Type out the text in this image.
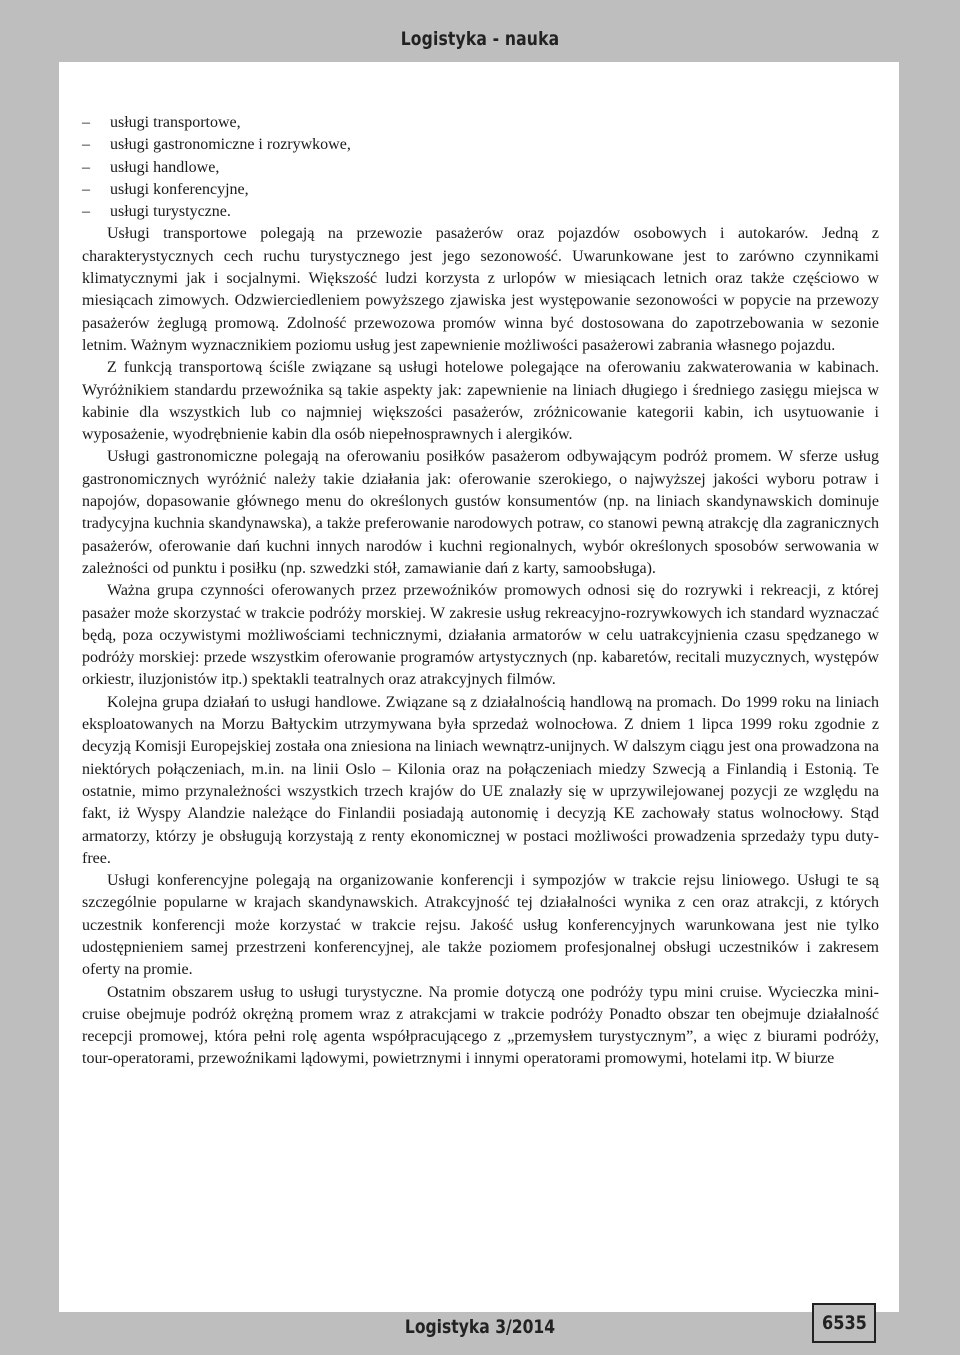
Logistyka - nauka
– usługi transportowe,
– usługi gastronomiczne i rozrywkowe,
– usługi handlowe,
– usługi konferencyjne,
– usługi turystyczne.

Usługi transportowe polegają na przewozie pasażerów oraz pojazdów osobowych i autokarów. Jedną z charakterystycznych cech ruchu turystycznego jest jego sezonowość. Uwarunkowane jest to zarówno czynnikami klimatycznymi jak i socjalnymi. Większość ludzi korzysta z urlopów w miesiącach letnich oraz także częściowo w miesiącach zimowych. Odzwierciedleniem powyższego zjawiska jest występowanie sezonowości w popycie na przewozy pasażerów żeglugą promową. Zdolność przewozowa promów winna być dostosowana do zapotrzebowania w sezonie letnim. Ważnym wyznacznikiem poziomu usług jest zapewnienie możliwości pasażerowi zabrania własnego pojazdu.

Z funkcją transportową ściśle związane są usługi hotelowe polegające na oferowaniu zakwaterowania w kabinach. Wyróżnikiem standardu przewoźnika są takie aspekty jak: zapewnienie na liniach długiego i średniego zasięgu miejsca w kabinie dla wszystkich lub co najmniej większości pasażerów, zróżnicowanie kategorii kabin, ich usytuowanie i wyposażenie, wyodrębnienie kabin dla osób niepełnosprawnych i alergików.

Usługi gastronomiczne polegają na oferowaniu posiłków pasażerom odbywającym podróż promem. W sferze usług gastronomicznych wyróżnić należy takie działania jak: oferowanie szerokiego, o najwyższej jakości wyboru potraw i napojów, dopasowanie głównego menu do określonych gustów konsumentów (np. na liniach skandynawskich dominuje tradycyjna kuchnia skandynawska), a także preferowanie narodowych potraw, co stanowi pewną atrakcję dla zagranicznych pasażerów, oferowanie dań kuchni innych narodów i kuchni regionalnych, wybór określonych sposobów serwowania w zależności od punktu i posiłku (np. szwedzki stół, zamawianie dań z karty, samoobsługa).

Ważna grupa czynności oferowanych przez przewoźników promowych odnosi się do rozrywki i rekreacji, z której pasażer może skorzystać w trakcie podróży morskiej. W zakresie usług rekreacyjno-rozrywkowych ich standard wyznaczać będą, poza oczywistymi możliwościami technicznymi, działania armatorów w celu uatrakcyjnienia czasu spędzanego w podróży morskiej: przede wszystkim oferowanie programów artystycznych (np. kabaretów, recitali muzycznych, występów orkiestr, iluzjonistów itp.) spektakli teatralnych oraz atrakcyjnych filmów.

Kolejna grupa działań to usługi handlowe. Związane są z działalnością handlową na promach. Do 1999 roku na liniach eksploatowanych na Morzu Bałtyckim utrzymywana była sprzedaż wolnocłowa. Z dniem 1 lipca 1999 roku zgodnie z decyzją Komisji Europejskiej została ona zniesiona na liniach wewnątrz-unijnych. W dalszym ciągu jest ona prowadzona na niektórych połączeniach, m.in. na linii Oslo – Kilonia oraz na połączeniach miedzy Szwecją a Finlandią i Estonią. Te ostatnie, mimo przynależności wszystkich trzech krajów do UE znalazły się w uprzywilejowanej pozycji ze względu na fakt, iż Wyspy Alandzie należące do Finlandii posiadają autonomię i decyzją KE zachowały status wolnocłowy. Stąd armatorzy, którzy je obsługują korzystają z renty ekonomicznej w postaci możliwości prowadzenia sprzedaży typu duty-free.

Usługi konferencyjne polegają na organizowanie konferencji i sympozjów w trakcie rejsu liniowego. Usługi te są szczególnie popularne w krajach skandynawskich. Atrakcyjność tej działalności wynika z cen oraz atrakcji, z których uczestnik konferencji może korzystać w trakcie rejsu. Jakość usług konferencyjnych warunkowana jest nie tylko udostępnieniem samej przestrzeni konferencyjnej, ale także poziomem profesjonalnej obsługi uczestników i zakresem oferty na promie.

Ostatnim obszarem usług to usługi turystyczne. Na promie dotyczą one podróży typu mini cruise. Wycieczka mini-cruise obejmuje podróż okrężną promem wraz z atrakcjami w trakcie podróży Ponadto obszar ten obejmuje działalność recepcji promowej, która pełni rolę agenta współpracującego z „przemysłem turystycznym”, a więc z biurami podróży, tour-operatorami, przewoźnikami lądowymi, powietrznymi i innymi operatorami promowymi, hotelami itp. W biurze

Logistyka 3/2014	6535
